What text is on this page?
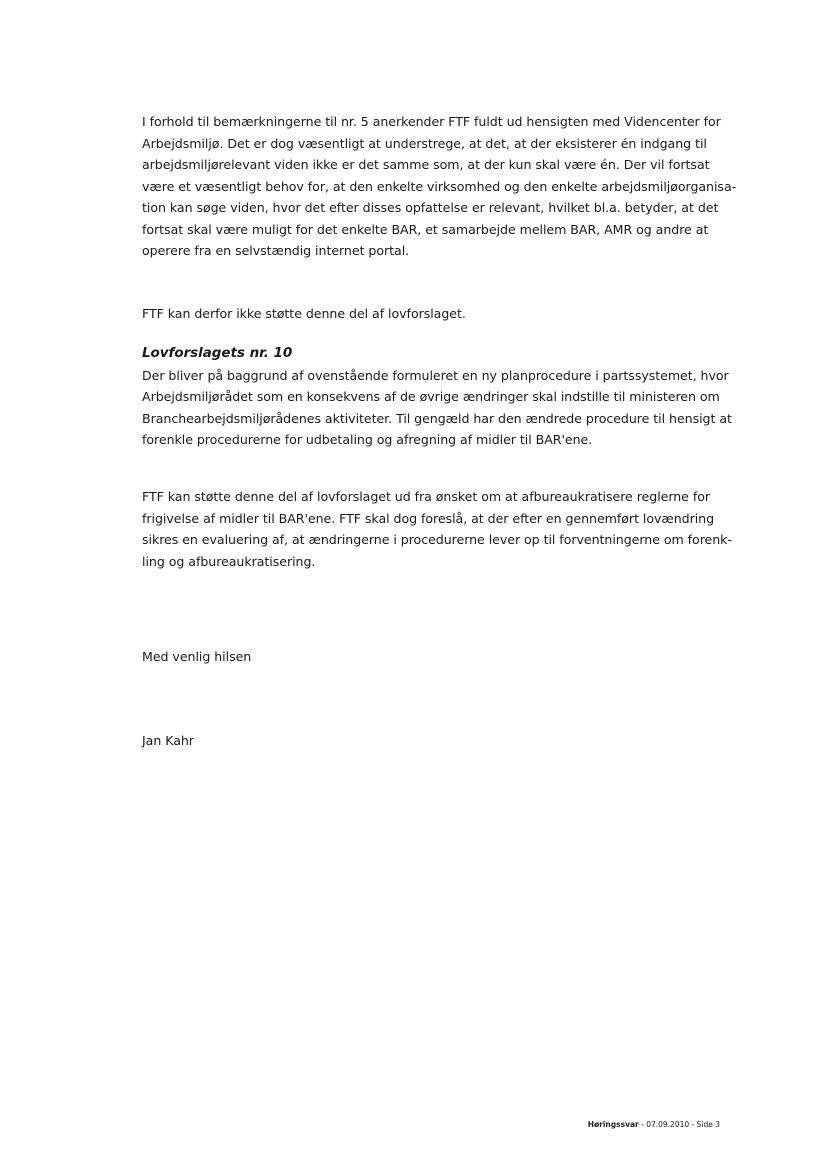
I forhold til bemærkningerne til nr. 5 anerkender FTF fuldt ud hensigten med Videncenter for
Arbejdsmiljø. Det er dog væsentligt at understrege, at det, at der eksisterer én indgang til
arbejdsmiljørelevant viden ikke er det samme som, at der kun skal være én. Der vil fortsat
være et væsentligt behov for, at den enkelte virksomhed og den enkelte arbejdsmiljøorganisa-
tion kan søge viden, hvor det efter disses opfattelse er relevant, hvilket bl.a. betyder, at det
fortsat skal være muligt for det enkelte BAR, et samarbejde mellem BAR, AMR og andre at
operere fra en selvstændig internet portal.
FTF kan derfor ikke støtte denne del af lovforslaget.
Lovforslagets nr. 10
Der bliver på baggrund af ovenstående formuleret en ny planprocedure i partssystemet, hvor
Arbejdsmiljørådet som en konsekvens af de øvrige ændringer skal indstille til ministeren om
Branchearbejdsmiljørådenes aktiviteter. Til gengæld har den ændrede procedure til hensigt at
forenkle procedurerne for udbetaling og afregning af midler til BAR'ene.
FTF kan støtte denne del af lovforslaget ud fra ønsket om at afbureaukratisere reglerne for
frigivelse af midler til BAR'ene. FTF skal dog foreslå, at der efter en gennemført lovændring
sikres en evaluering af, at ændringerne i procedurerne lever op til forventningerne om forenk-
ling og afbureaukratisering.
Med venlig hilsen
Jan Kahr
Høringssvar - 07.09.2010 - Side 3
